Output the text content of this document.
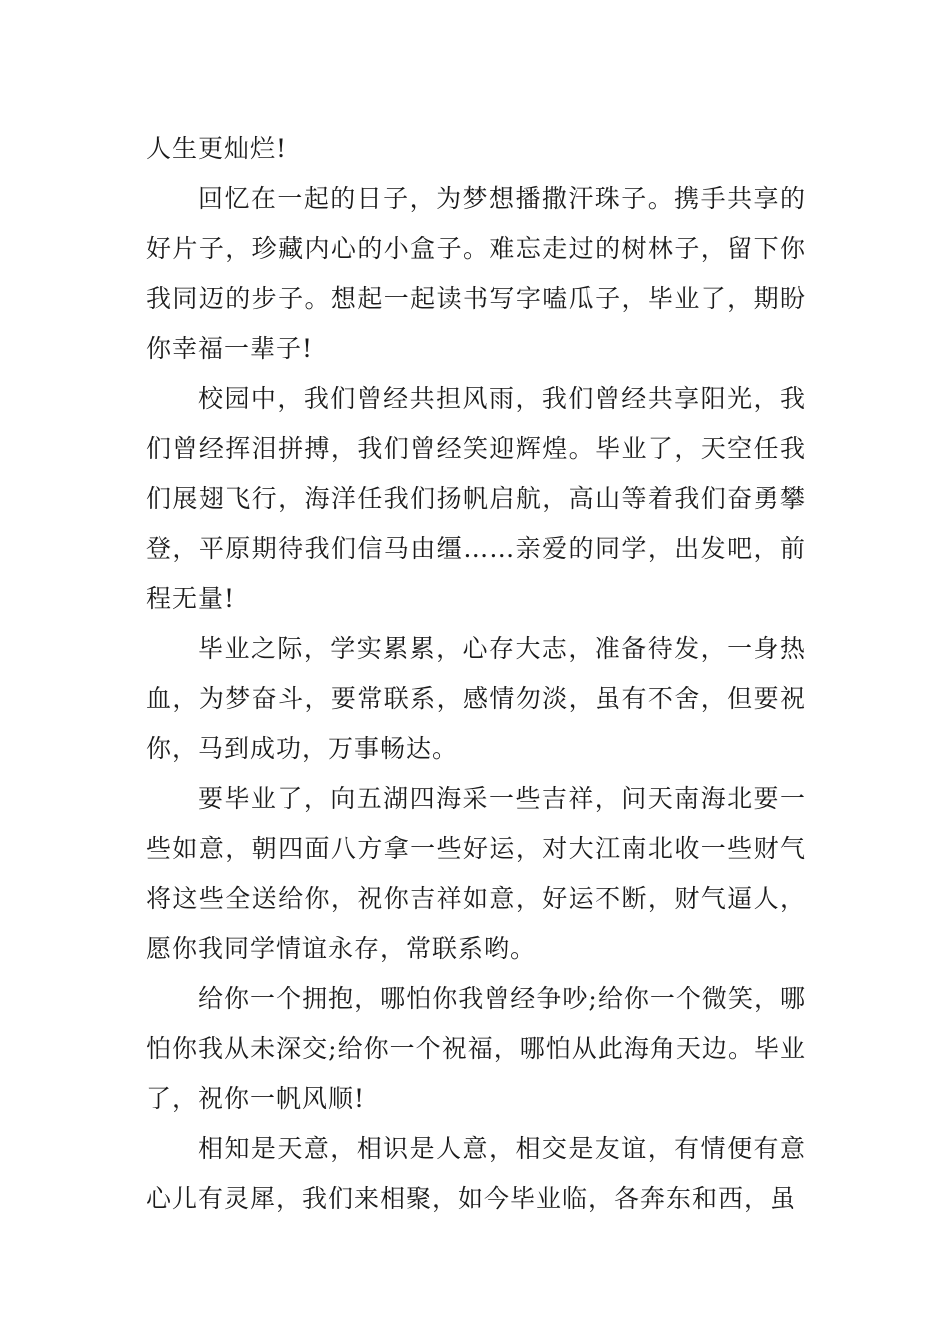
人生更灿烂!

回忆在一起的日子，为梦想播撒汗珠子。携手共享的好片子，珍藏内心的小盒子。难忘走过的树林子，留下你我同迈的步子。想起一起读书写字嗑瓜子，毕业了，期盼你幸福一辈子!

校园中，我们曾经共担风雨，我们曾经共享阳光，我们曾经挥泪拼搏，我们曾经笑迎辉煌。毕业了，天空任我们展翅飞行，海洋任我们扬帆启航，高山等着我们奋勇攀登，平原期待我们信马由缰……亲爱的同学，出发吧，前程无量!

毕业之际，学实累累，心存大志，准备待发，一身热血，为梦奋斗，要常联系，感情勿淡，虽有不舍，但要祝你，马到成功，万事畅达。

要毕业了，向五湖四海采一些吉祥，问天南海北要一些如意，朝四面八方拿一些好运，对大江南北收一些财气将这些全送给你，祝你吉祥如意，好运不断，财气逼人，愿你我同学情谊永存，常联系哟。

给你一个拥抱，哪怕你我曾经争吵;给你一个微笑，哪怕你我从未深交;给你一个祝福，哪怕从此海角天边。毕业了，祝你一帆风顺!

相知是天意，相识是人意，相交是友谊，有情便有意心儿有灵犀，我们来相聚，如今毕业临，各奔东和西，虽
